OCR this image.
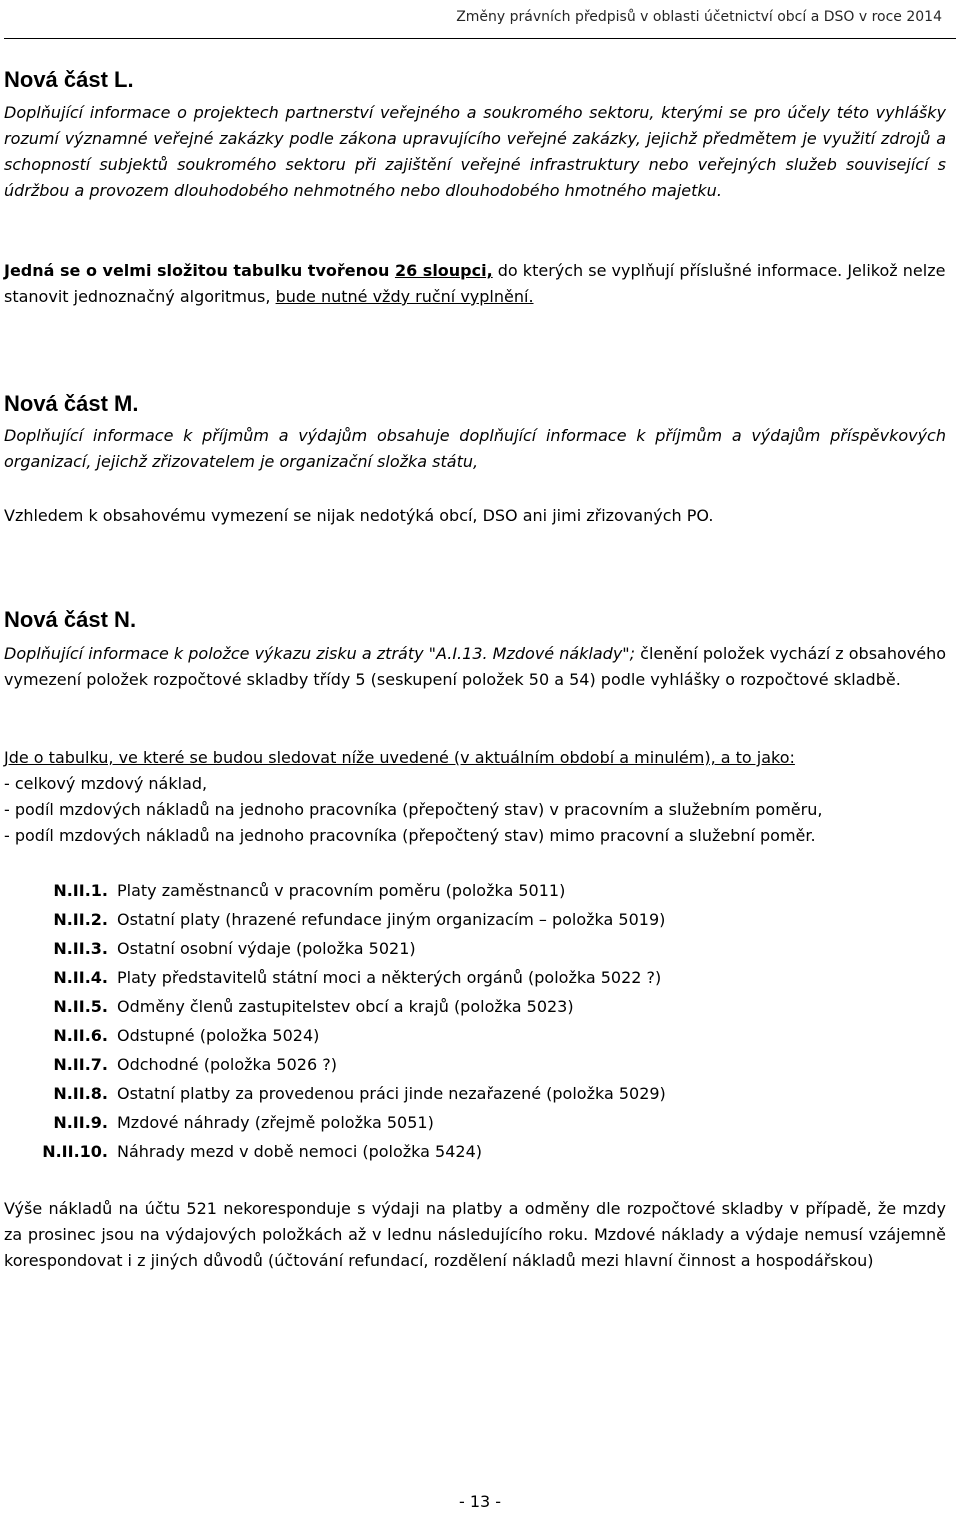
Změny právních předpisů v oblasti účetnictví obcí a DSO v roce 2014
Nová část L.
Doplňující informace o projektech partnerství veřejného a soukromého sektoru, kterými se pro účely této vyhlášky rozumí významné veřejné zakázky podle zákona upravujícího veřejné zakázky, jejichž předmětem je využití zdrojů a schopností subjektů soukromého sektoru při zajištění veřejné infrastruktury nebo veřejných služeb související s údržbou a provozem dlouhodobého nehmotného nebo dlouhodobého hmotného majetku.
Jedná se o velmi složitou tabulku tvořenou 26 sloupci, do kterých se vyplňují příslušné informace. Jelikož nelze stanovit jednoznačný algoritmus, bude nutné vždy ruční vyplnění.
Nová část M.
Doplňující informace k příjmům a výdajům obsahuje doplňující informace k příjmům a výdajům příspěvkových organizací, jejichž zřizovatelem je organizační složka státu,
Vzhledem k obsahovému vymezení se nijak nedotýká obcí, DSO ani jimi zřizovaných PO.
Nová část N.
Doplňující informace k položce výkazu zisku a ztráty "A.I.13. Mzdové náklady"; členění položek vychází z obsahového vymezení položek rozpočtové skladby třídy 5 (seskupení položek 50 a 54) podle vyhlášky o rozpočtové skladbě.
Jde o tabulku, ve které se budou sledovat níže uvedené (v aktuálním období a minulém), a to jako:
- celkový mzdový náklad,
- podíl mzdových nákladů na jednoho pracovníka (přepočtený stav) v pracovním a služebním poměru,
- podíl mzdových nákladů na jednoho pracovníka (přepočtený stav) mimo pracovní a služební poměr.
N.II.1. Platy zaměstnanců v pracovním poměru (položka 5011)
N.II.2. Ostatní platy (hrazené refundace jiným organizacím – položka 5019)
N.II.3. Ostatní osobní výdaje (položka 5021)
N.II.4. Platy představitelů státní moci a některých orgánů (položka 5022 ?)
N.II.5. Odměny členů zastupitelstev obcí a krajů (položka 5023)
N.II.6. Odstupné (položka 5024)
N.II.7. Odchodné (položka 5026 ?)
N.II.8. Ostatní platby za provedenou práci jinde nezařazené (položka 5029)
N.II.9. Mzdové náhrady (zřejmě položka 5051)
N.II.10. Náhrady mezd v době nemoci (položka 5424)
Výše nákladů na účtu 521 nekoresponduje s výdaji na platby a odměny dle rozpočtové skladby v případě, že mzdy za prosinec jsou na výdajových položkách až v lednu následujícího roku. Mzdové náklady a výdaje nemusí vzájemně korespondovat i z jiných důvodů (účtování refundací, rozdělení nákladů mezi hlavní činnost a hospodářskou)
- 13 -
